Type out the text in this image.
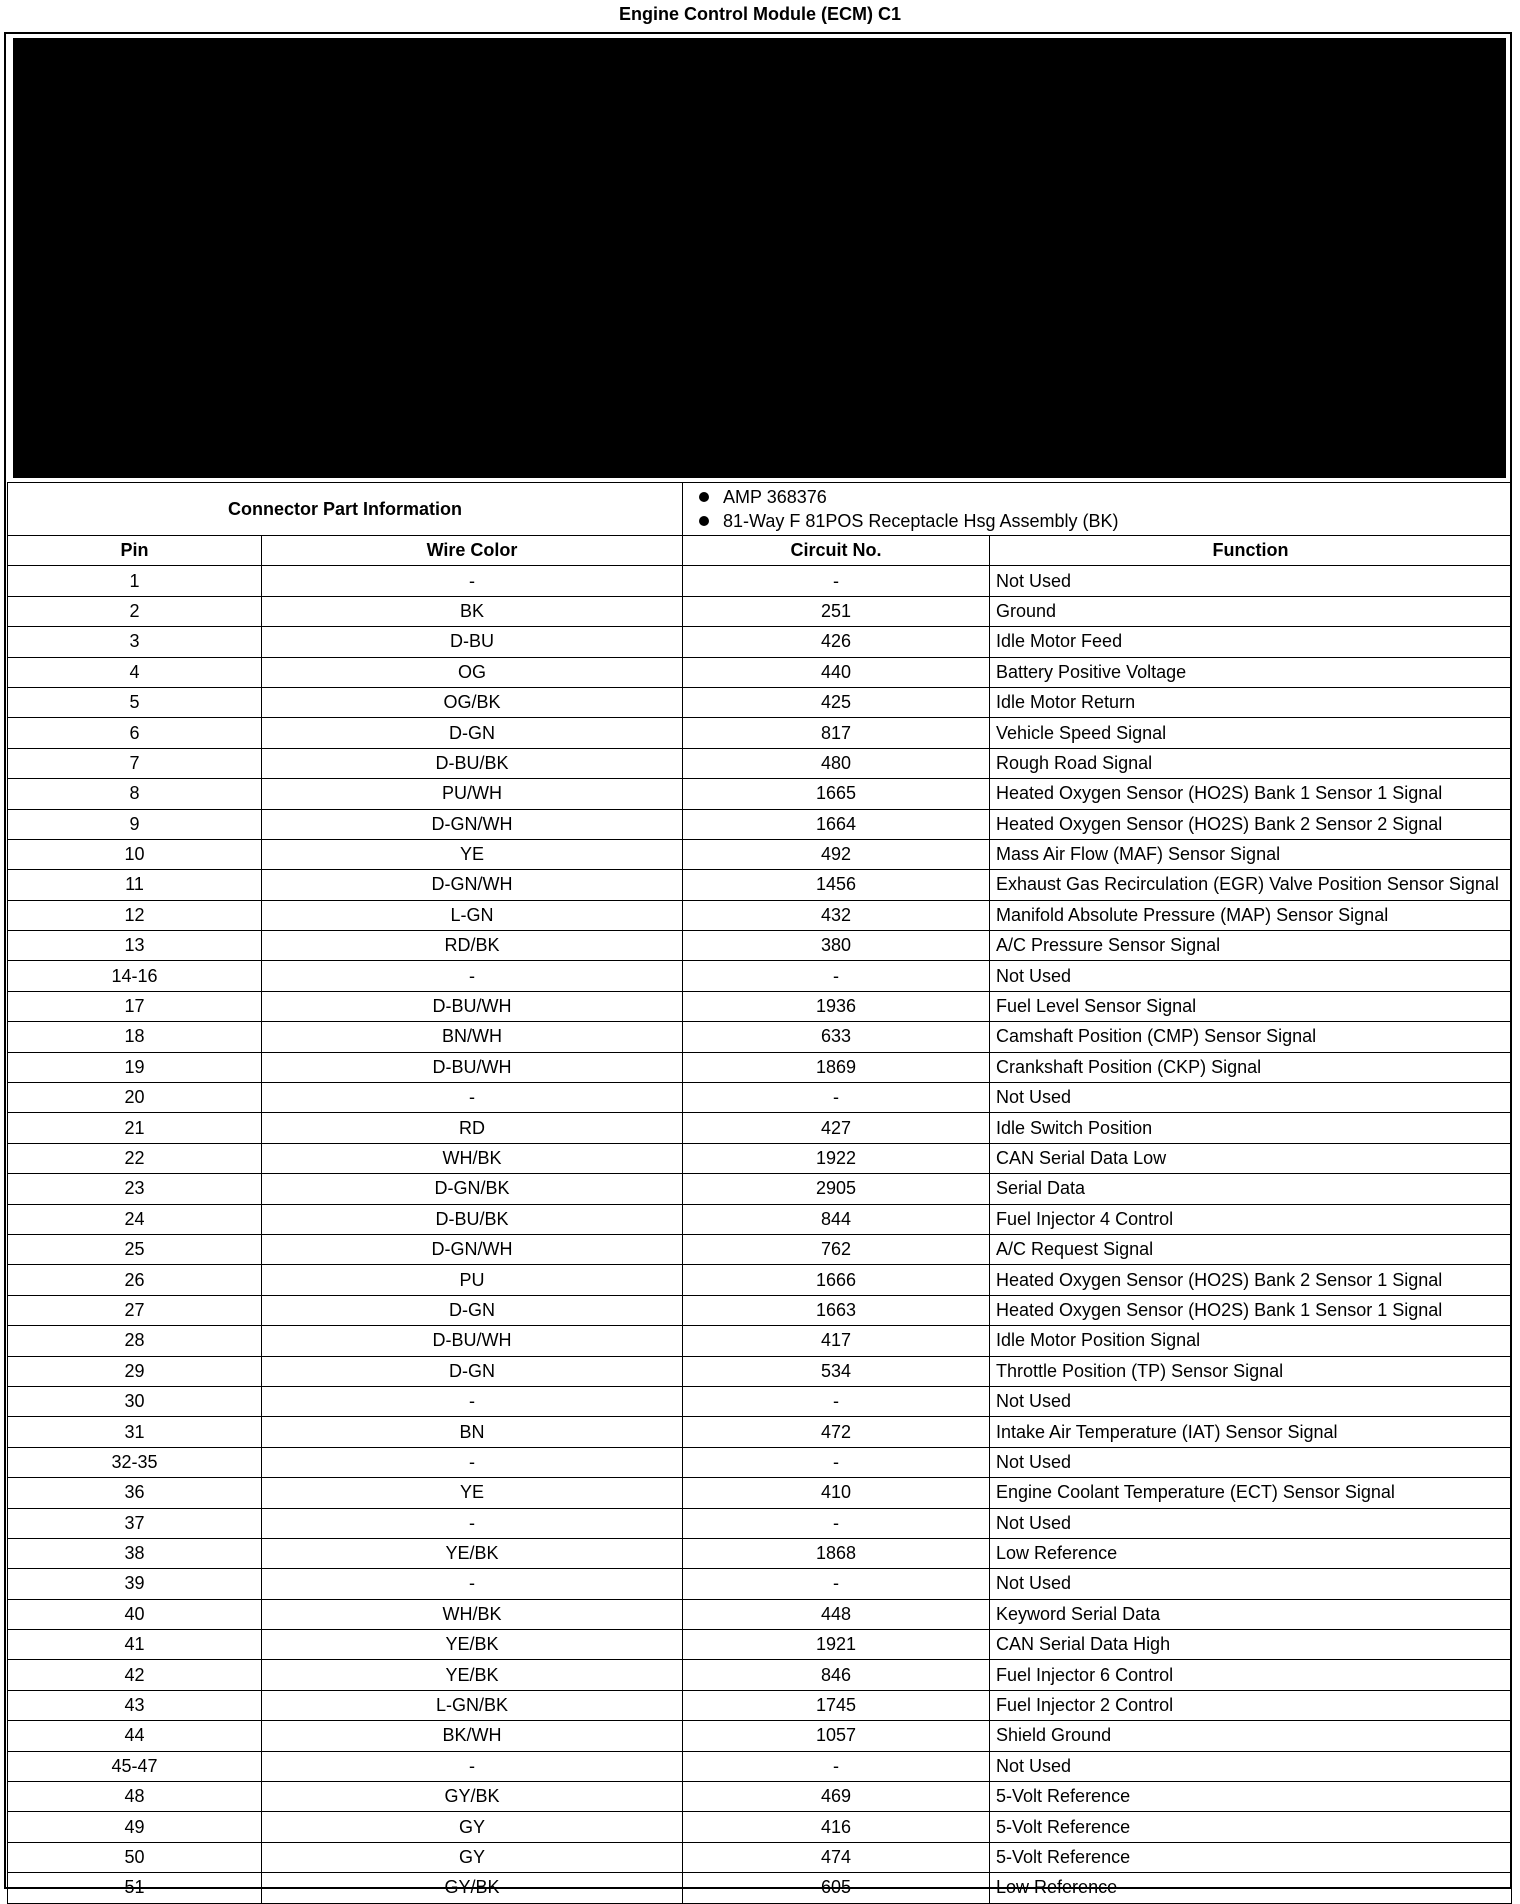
Engine Control Module (ECM) C1
Connector Part Information		AMP 368376
81-Way F 81POS Receptacle Hsg Assembly (BK)	

Pin	Wire Color	Circuit No.	Function
1	-	-	Not Used
2	BK	251	Ground
3	D-BU	426	Idle Motor Feed
4	OG	440	Battery Positive Voltage
5	OG/BK	425	Idle Motor Return
6	D-GN	817	Vehicle Speed Signal
7	D-BU/BK	480	Rough Road Signal
8	PU/WH	1665	Heated Oxygen Sensor (HO2S) Bank 1 Sensor 1 Signal
9	D-GN/WH	1664	Heated Oxygen Sensor (HO2S) Bank 2 Sensor 2 Signal
10	YE	492	Mass Air Flow (MAF) Sensor Signal
11	D-GN/WH	1456	Exhaust Gas Recirculation (EGR) Valve Position Sensor Signal
12	L-GN	432	Manifold Absolute Pressure (MAP) Sensor Signal
13	RD/BK	380	A/C Pressure Sensor Signal
14-16	-	-	Not Used
17	D-BU/WH	1936	Fuel Level Sensor Signal
18	BN/WH	633	Camshaft Position (CMP) Sensor Signal
19	D-BU/WH	1869	Crankshaft Position (CKP) Signal
20	-	-	Not Used
21	RD	427	Idle Switch Position
22	WH/BK	1922	CAN Serial Data Low
23	D-GN/BK	2905	Serial Data
24	D-BU/BK	844	Fuel Injector 4 Control
25	D-GN/WH	762	A/C Request Signal
26	PU	1666	Heated Oxygen Sensor (HO2S) Bank 2 Sensor 1 Signal
27	D-GN	1663	Heated Oxygen Sensor (HO2S) Bank 1 Sensor 1 Signal
28	D-BU/WH	417	Idle Motor Position Signal
29	D-GN	534	Throttle Position (TP) Sensor Signal
30	-	-	Not Used
31	BN	472	Intake Air Temperature (IAT) Sensor Signal
32-35	-	-	Not Used
36	YE	410	Engine Coolant Temperature (ECT) Sensor Signal
37	-	-	Not Used
38	YE/BK	1868	Low Reference
39	-	-	Not Used
40	WH/BK	448	Keyword Serial Data
41	YE/BK	1921	CAN Serial Data High
42	YE/BK	846	Fuel Injector 6 Control
43	L-GN/BK	1745	Fuel Injector 2 Control
44	BK/WH	1057	Shield Ground
45-47	-	-	Not Used
48	GY/BK	469	5-Volt Reference
49	GY	416	5-Volt Reference
50	GY	474	5-Volt Reference
51	GY/BK	605	Low Reference
